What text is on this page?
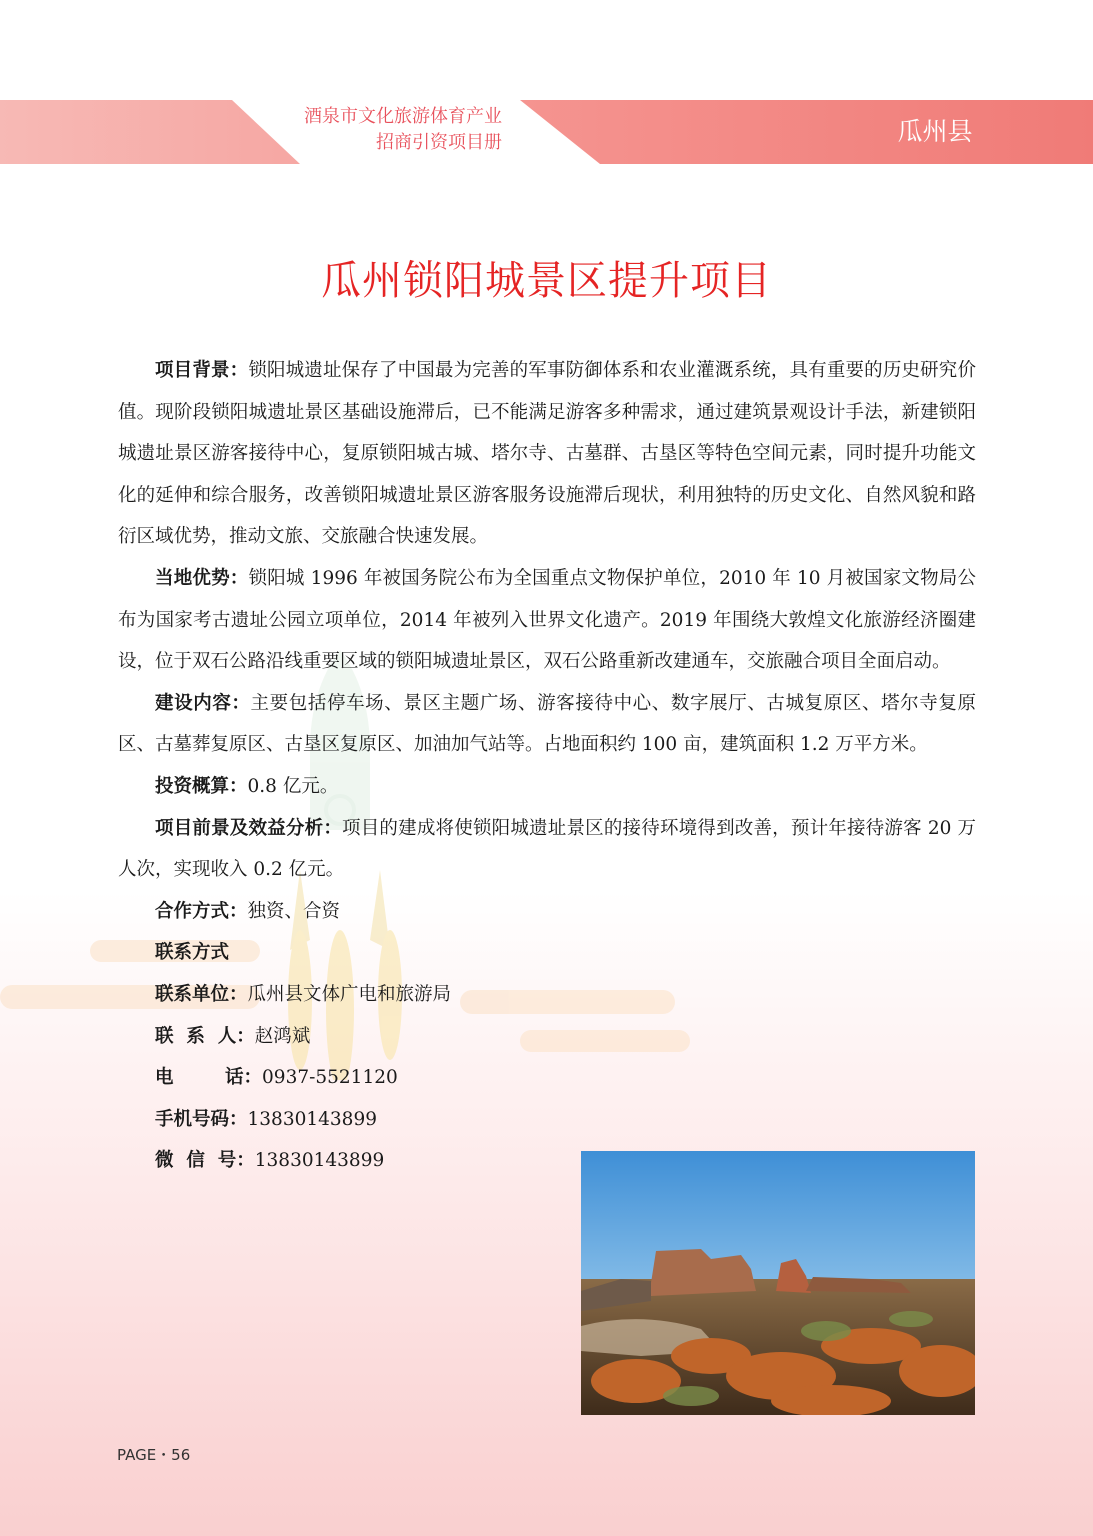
酒泉市文化旅游体育产业
招商引资项目册	瓜州县
瓜州锁阳城景区提升项目

项目背景：锁阳城遗址保存了中国最为完善的军事防御体系和农业灌溉系统，具有重要的历史研究价值。现阶段锁阳城遗址景区基础设施滞后，已不能满足游客多种需求，通过建筑景观设计手法，新建锁阳城遗址景区游客接待中心，复原锁阳城古城、塔尔寺、古墓群、古垦区等特色空间元素，同时提升功能文化的延伸和综合服务，改善锁阳城遗址景区游客服务设施滞后现状，利用独特的历史文化、自然风貌和路衍区域优势，推动文旅、交旅融合快速发展。

当地优势：锁阳城 1996 年被国务院公布为全国重点文物保护单位，2010 年 10 月被国家文物局公布为国家考古遗址公园立项单位，2014 年被列入世界文化遗产。2019 年围绕大敦煌文化旅游经济圈建设，位于双石公路沿线重要区域的锁阳城遗址景区，双石公路重新改建通车，交旅融合项目全面启动。

建设内容：主要包括停车场、景区主题广场、游客接待中心、数字展厅、古城复原区、塔尔寺复原区、古墓葬复原区、古垦区复原区、加油加气站等。占地面积约 100 亩，建筑面积 1.2 万平方米。

投资概算：0.8 亿元。

项目前景及效益分析：项目的建成将使锁阳城遗址景区的接待环境得到改善，预计年接待游客 20 万人次，实现收入 0.2 亿元。

合作方式：独资、合资

联系方式

联系单位：瓜州县文体广电和旅游局
联  系  人：赵鸿斌
电        话：0937-5521120
手机号码：13830143899
微  信  号：13830143899
PAGE・56
